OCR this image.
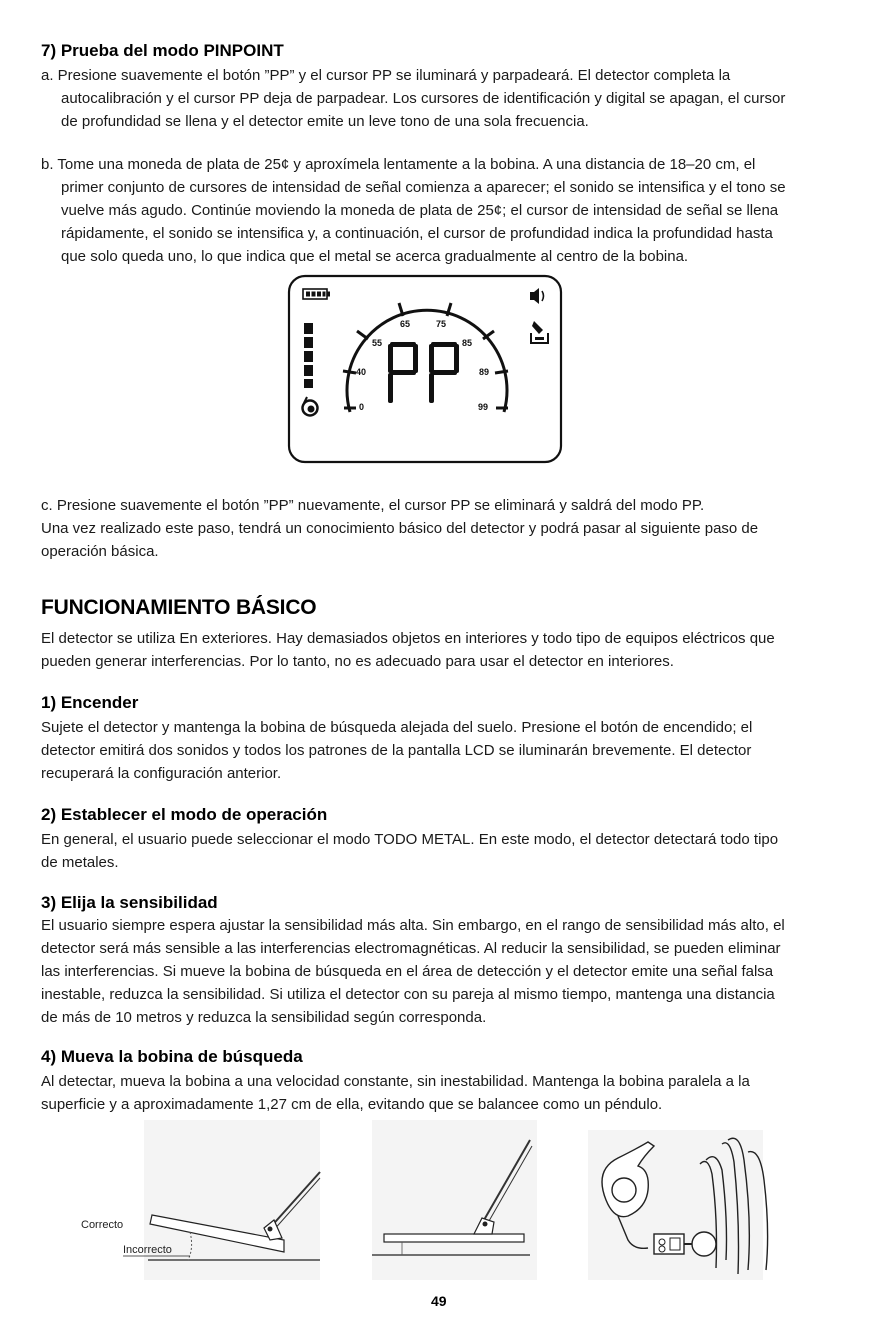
7) Prueba del modo PINPOINT
a. Presione suavemente el botón ”PP” y el cursor PP se iluminará y parpadeará. El detector completa la
autocalibración y el cursor PP deja de parpadear. Los cursores de identificación y digital se apagan, el cursor
de profundidad se llena y el detector emite un leve tono de una sola frecuencia.
b. Tome una moneda de plata de 25¢ y aproxímela lentamente a la bobina. A una distancia de 18–20 cm, el
primer conjunto de cursores de intensidad de señal comienza a aparecer; el sonido se intensifica y el tono se
vuelve más agudo. Continúe moviendo la moneda de plata de 25¢; el cursor de intensidad de señal se llena
rápidamente, el sonido se intensifica y, a continuación, el cursor de profundidad indica la profundidad hasta
que solo queda uno, lo que indica que el metal se acerca gradualmente al centro de la bobina.
0
40
55
65	75
85
89
99
c. Presione suavemente el botón ”PP” nuevamente, el cursor PP se eliminará y saldrá del modo PP.
Una vez realizado este paso, tendrá un conocimiento básico del detector y podrá pasar al siguiente paso de
operación básica.
FUNCIONAMIENTO BÁSICO
El detector se utiliza En exteriores. Hay demasiados objetos en interiores y todo tipo de equipos eléctricos que
pueden generar interferencias. Por lo tanto, no es adecuado para usar el detector en interiores.
1) Encender
Sujete el detector y mantenga la bobina de búsqueda alejada del suelo. Presione el botón de encendido; el
detector emitirá dos sonidos y todos los patrones de la pantalla LCD se iluminarán brevemente. El detector
recuperará la configuración anterior.
2) Establecer el modo de operación
En general, el usuario puede seleccionar el modo TODO METAL. En este modo, el detector detectará todo tipo
de metales.
3) Elija la sensibilidad
El usuario siempre espera ajustar la sensibilidad más alta. Sin embargo, en el rango de sensibilidad más alto, el
detector será más sensible a las interferencias electromagnéticas. Al reducir la sensibilidad, se pueden eliminar
las interferencias. Si mueve la bobina de búsqueda en el área de detección y el detector emite una señal falsa
inestable, reduzca la sensibilidad. Si utiliza el detector con su pareja al mismo tiempo, mantenga una distancia
de más de 10 metros y reduzca la sensibilidad según corresponda.
4) Mueva la bobina de búsqueda
Al detectar, mueva la bobina a una velocidad constante, sin inestabilidad. Mantenga la bobina paralela a la
superficie y a aproximadamente 1,27 cm de ella, evitando que se balancee como un péndulo.
Correcto
Incorrecto
49
